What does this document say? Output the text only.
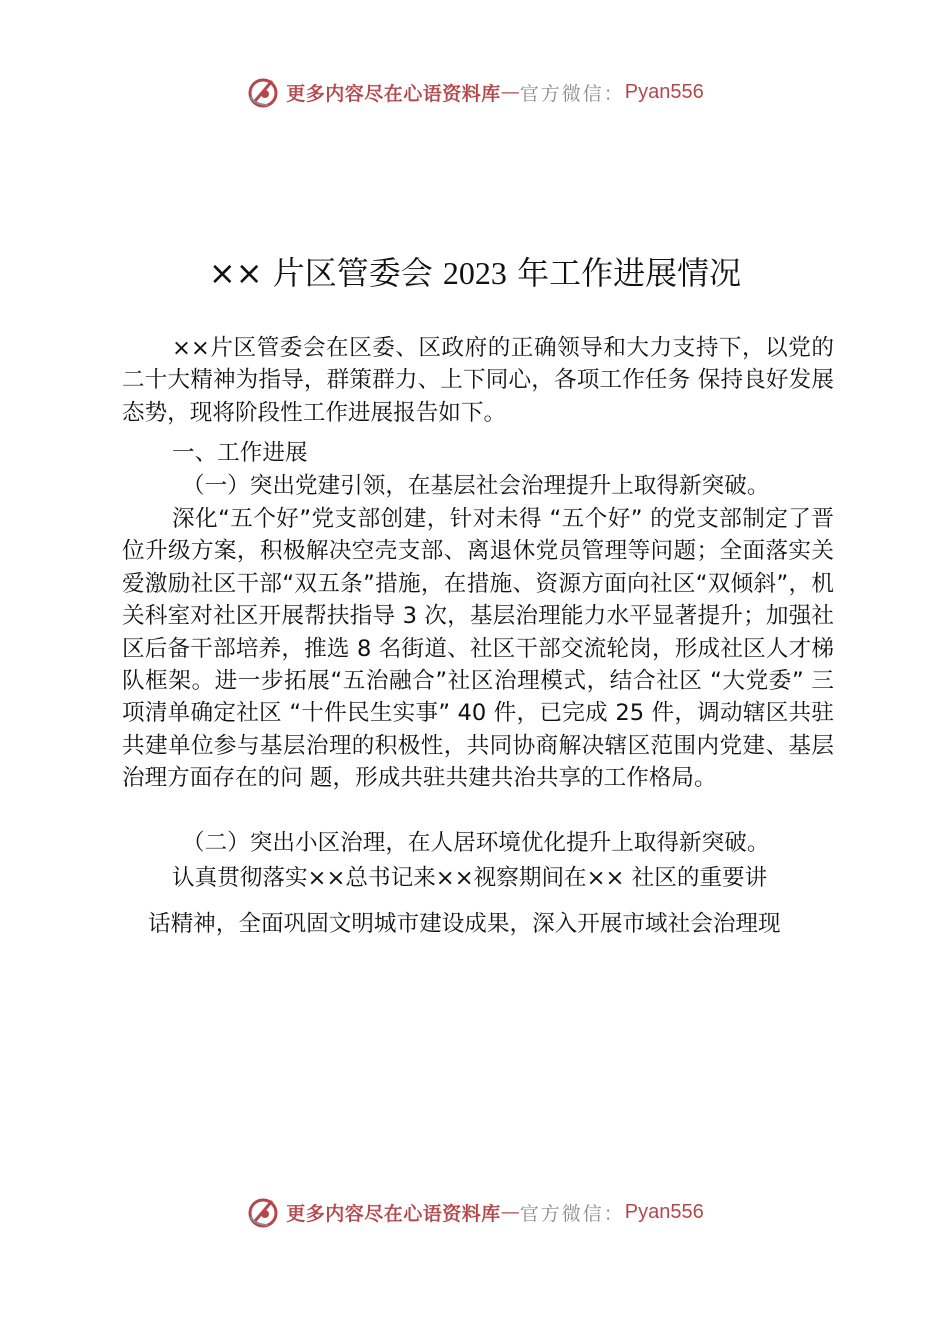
更多内容尽在心语资料库 — 官方微信： Pyan556
×× 片区管委会 2023 年工作进展情况

××片区管委会在区委、区政府的正确领导和大力支持下，以党的二十大精神为指导，群策群力、上下同心，各项工作任务 保持良好发展态势，现将阶段性工作进展报告如下。

一、工作进展

（一）突出党建引领，在基层社会治理提升上取得新突破。

深化“五个好”党支部创建，针对未得 “五个好” 的党支部制定了晋位升级方案，积极解决空壳支部、离退休党员管理等问题；全面落实关爱激励社区干部“双五条”措施，在措施、资源方面向社区“双倾斜”，机关科室对社区开展帮扶指导 3 次，基层治理能力水平显著提升；加强社区后备干部培养，推选 8 名街道、社区干部交流轮岗，形成社区人才梯队框架。进一步拓展“五治融合”社区治理模式，结合社区 “大党委” 三项清单确定社区 “十件民生实事” 40 件，已完成 25 件，调动辖区共驻共建单位参与基层治理的积极性，共同协商解决辖区范围内党建、基层治理方面存在的问 题，形成共驻共建共治共享的工作格局。

（二）突出小区治理，在人居环境优化提升上取得新突破。

认真贯彻落实××总书记来××视察期间在×× 社区的重要讲

话精神，全面巩固文明城市建设成果，深入开展市域社会治理现

更多内容尽在心语资料库 — 官方微信： Pyan556
